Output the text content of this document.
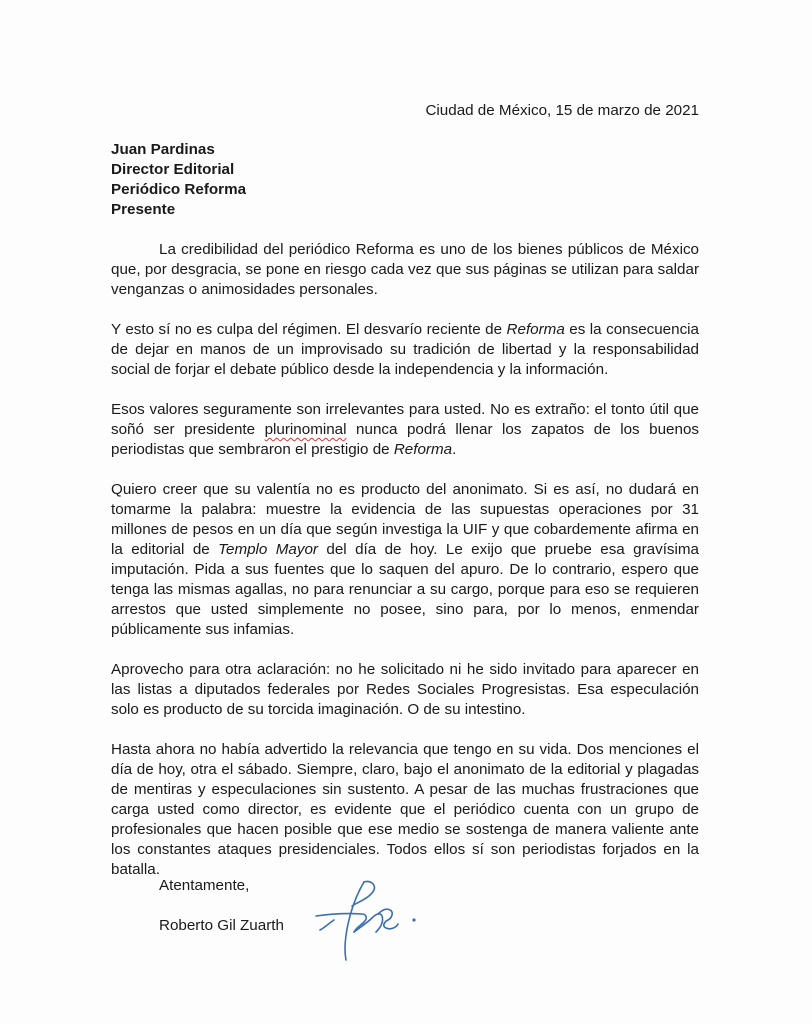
Ciudad de México, 15 de marzo de 2021
Juan Pardinas
Director Editorial
Periódico Reforma
Presente

La credibilidad del periódico Reforma es uno de los bienes públicos de México que, por desgracia, se pone en riesgo cada vez que sus páginas se utilizan para saldar venganzas o animosidades personales.

Y esto sí no es culpa del régimen. El desvarío reciente de Reforma es la consecuencia de dejar en manos de un improvisado su tradición de libertad y la responsabilidad social de forjar el debate público desde la independencia y la información.

Esos valores seguramente son irrelevantes para usted. No es extraño: el tonto útil que soñó ser presidente plurinominal nunca podrá llenar los zapatos de los buenos periodistas que sembraron el prestigio de Reforma.

Quiero creer que su valentía no es producto del anonimato. Si es así, no dudará en tomarme la palabra: muestre la evidencia de las supuestas operaciones por 31 millones de pesos en un día que según investiga la UIF y que cobardemente afirma en la editorial de Templo Mayor del día de hoy. Le exijo que pruebe esa gravísima imputación. Pida a sus fuentes que lo saquen del apuro. De lo contrario, espero que tenga las mismas agallas, no para renunciar a su cargo, porque para eso se requieren arrestos que usted simplemente no posee, sino para, por lo menos, enmendar públicamente sus infamias.

Aprovecho para otra aclaración: no he solicitado ni he sido invitado para aparecer en las listas a diputados federales por Redes Sociales Progresistas. Esa especulación solo es producto de su torcida imaginación. O de su intestino.

Hasta ahora no había advertido la relevancia que tengo en su vida. Dos menciones el día de hoy, otra el sábado. Siempre, claro, bajo el anonimato de la editorial y plagadas de mentiras y especulaciones sin sustento. A pesar de las muchas frustraciones que carga usted como director, es evidente que el periódico cuenta con un grupo de profesionales que hacen posible que ese medio se sostenga de manera valiente ante los constantes ataques presidenciales. Todos ellos sí son periodistas forjados en la batalla.

Atentamente,
Roberto Gil Zuarth
